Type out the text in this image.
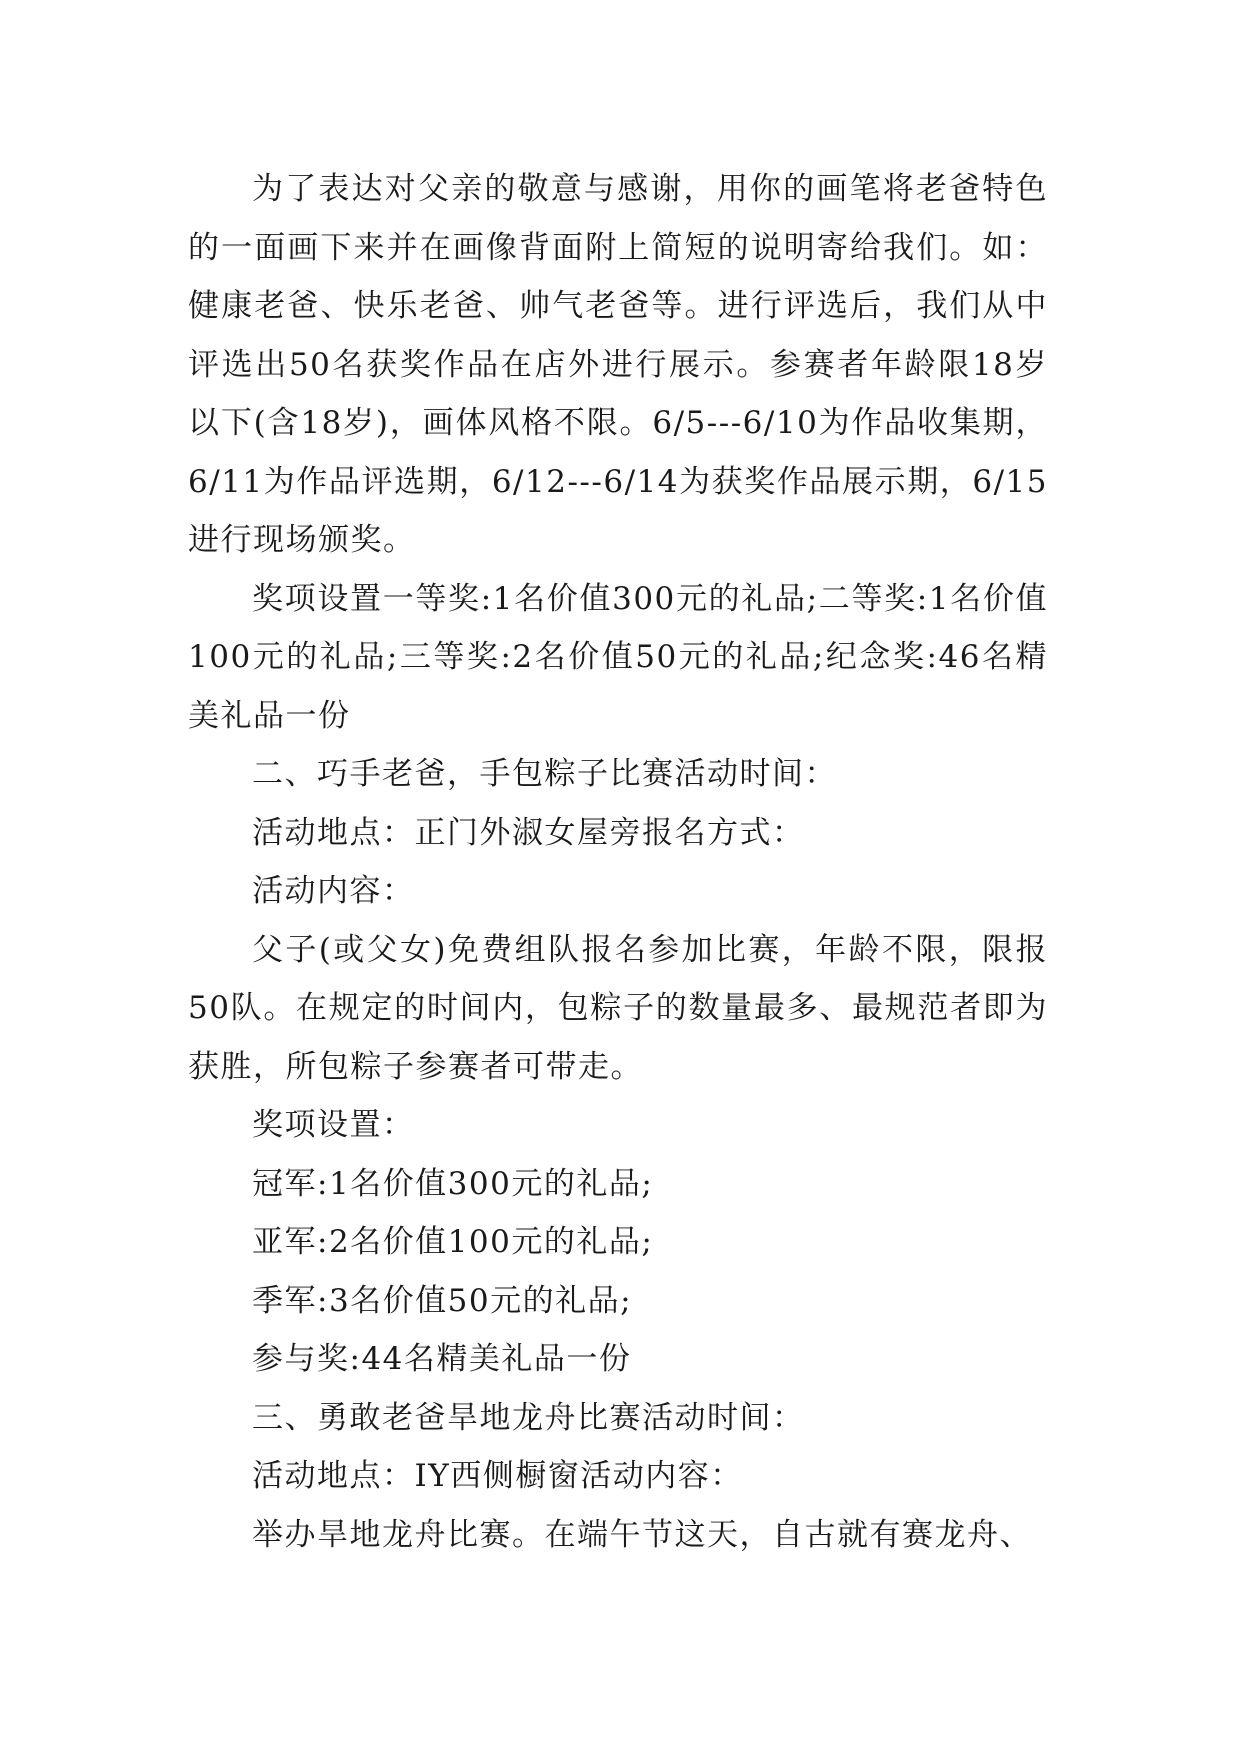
为了表达对父亲的敬意与感谢，用你的画笔将老爸特色的一面画下来并在画像背面附上简短的说明寄给我们。如：健康老爸、快乐老爸、帅气老爸等。进行评选后，我们从中评选出50名获奖作品在店外进行展示。参赛者年龄限18岁以下(含18岁)，画体风格不限。6/5---6/10为作品收集期，6/11为作品评选期，6/12---6/14为获奖作品展示期，6/15进行现场颁奖。

奖项设置一等奖:1名价值300元的礼品;二等奖:1名价值100元的礼品;三等奖:2名价值50元的礼品;纪念奖:46名精美礼品一份

二、巧手老爸，手包粽子比赛活动时间：

活动地点：正门外淑女屋旁报名方式：

活动内容：

父子(或父女)免费组队报名参加比赛，年龄不限，限报50队。在规定的时间内，包粽子的数量最多、最规范者即为获胜，所包粽子参赛者可带走。

奖项设置：

冠军:1名价值300元的礼品;

亚军:2名价值100元的礼品;

季军:3名价值50元的礼品;

参与奖:44名精美礼品一份

三、勇敢老爸旱地龙舟比赛活动时间：

活动地点：IY西侧橱窗活动内容：

举办旱地龙舟比赛。在端午节这天，自古就有赛龙舟、
